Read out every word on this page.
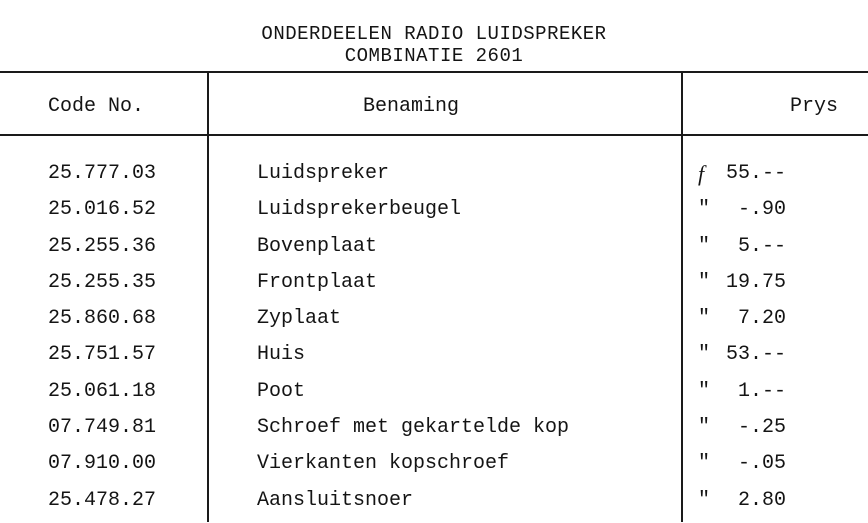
ONDERDEELEN RADIO LUIDSPREKER
COMBINATIE 2601
Code No.	Benaming	Prys
25.777.03	Luidspreker	f	55.--
25.016.52	Luidsprekerbeugel	" -.90
25.255.36	Bovenplaat	" 5.--
25.255.35	Frontplaat	" 19.75
25.860.68	Zyplaat	" 7.20
25.751.57	Huis	" 53.--
25.061.18	Poot	" 1.--
07.749.81	Schroef met gekartelde kop	" -.25
07.910.00	Vierkanten kopschroef	" -.05
25.478.27	Aansluitsnoer	" 2.80
